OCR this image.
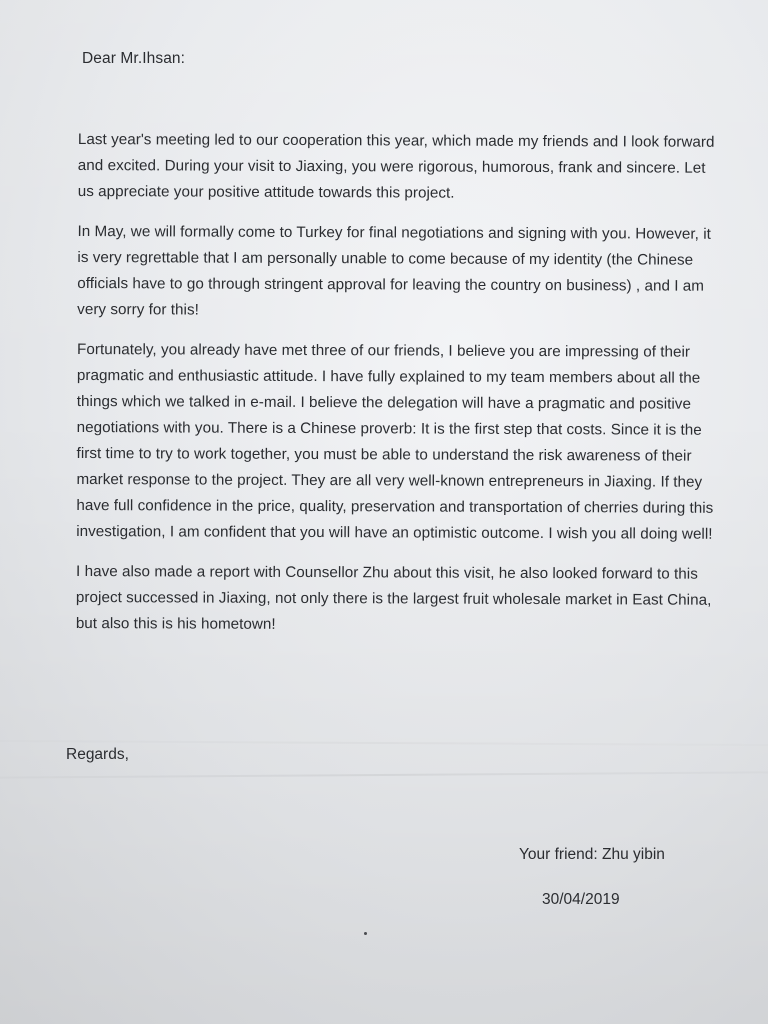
Dear Mr.Ihsan:

Last year's meeting led to our cooperation this year, which made my friends and I look forward and excited. During your visit to Jiaxing, you were rigorous, humorous, frank and sincere. Let us appreciate your positive attitude towards this project.

In May, we will formally come to Turkey for final negotiations and signing with you. However, it is very regrettable that I am personally unable to come because of my identity (the Chinese officials have to go through stringent approval for leaving the country on business) , and I am very sorry for this!

Fortunately, you already have met three of our friends, I believe you are impressing of their pragmatic and enthusiastic attitude. I have fully explained to my team members about all the things which we talked in e-mail. I believe the delegation will have a pragmatic and positive negotiations with you. There is a Chinese proverb: It is the first step that costs. Since it is the first time to try to work together, you must be able to understand the risk awareness of their market response to the project. They are all very well-known entrepreneurs in Jiaxing. If they have full confidence in the price, quality, preservation and transportation of cherries during this investigation, I am confident that you will have an optimistic outcome. I wish you all doing well!

I have also made a report with Counsellor Zhu about this visit, he also looked forward to this project successed in Jiaxing, not only there is the largest fruit wholesale market in East China, but also this is his hometown!

Regards,
Your friend: Zhu yibin
30/04/2019
